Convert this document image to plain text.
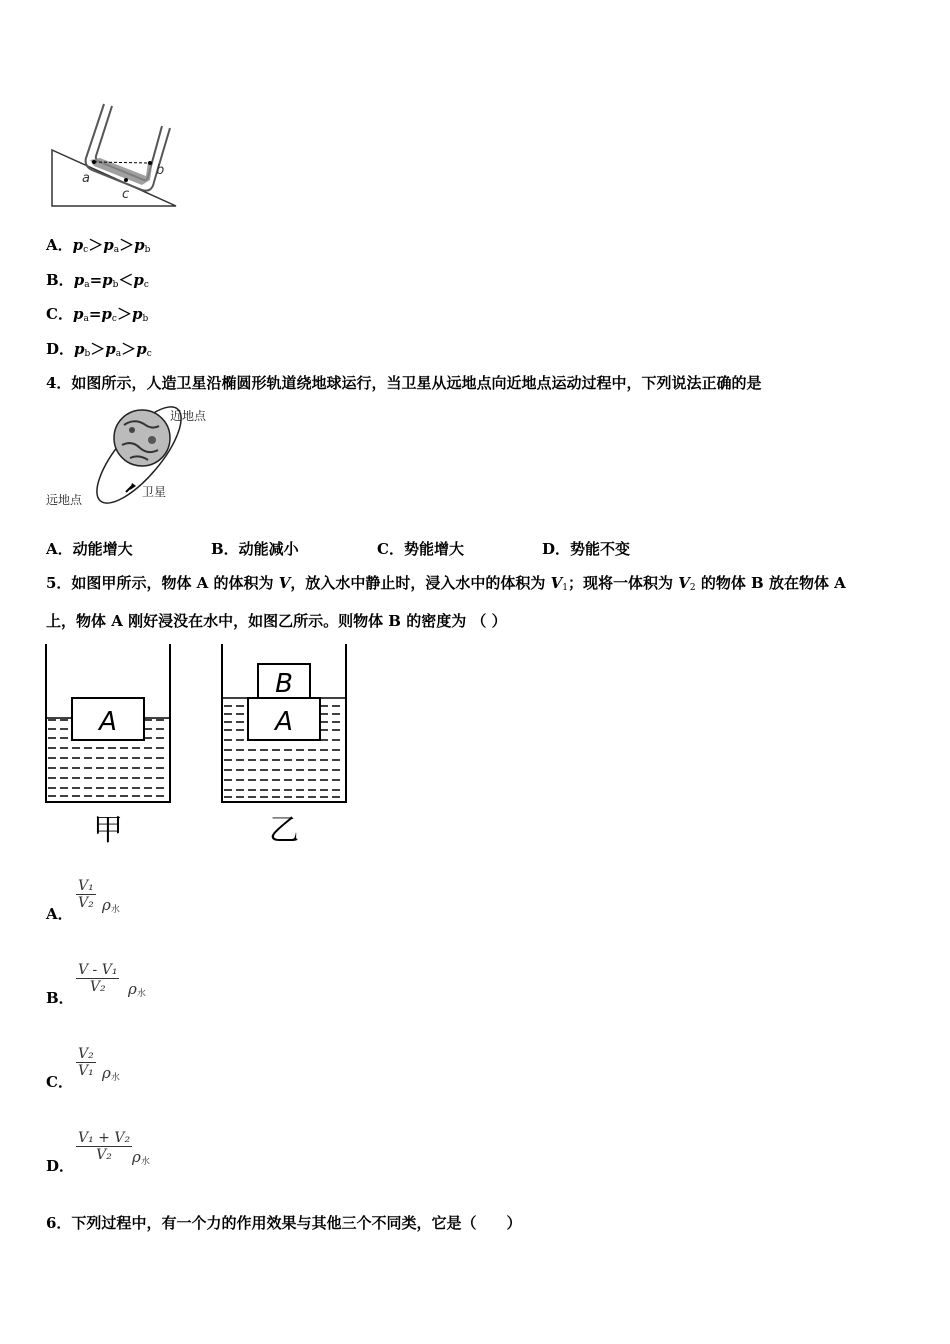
a
b
c
A．$p_c>p_a>p_b$
B．$p_a=p_b<p_c$
C．$p_a=p_c>p_b$
D．$p_b>p_a>p_c$
4．如图所示，人造卫星沿椭圆形轨道绕地球运行，当卫星从远地点向近地点运动过程中，下列说法正确的是
近地点
远地点
卫星
A．动能增大	B．动能减小	C．势能增大	D．势能不变
5．如图甲所示，物体 A 的体积为 V，放入水中静止时，浸入水中的体积为 $V_1$；现将一体积为 $V_2$ 的物体 B 放在物体 A
上，物体 A 刚好浸没在水中，如图乙所示。则物体 B 的密度为 （ ）
A
甲
B
A
乙
A．
$\frac{\text{V₁}}{\text{V₂}} \rho_水$
B．
$\frac{\text{V - V₁}}{\text{V₂}} \rho_水$
C．
$\frac{\text{V₂}}{\text{V₁}} \rho_水$
D．
$\frac{\text{V₁ + V₂}}{\text{V₂}} \rho_水$
6．下列过程中，有一个力的作用效果与其他三个不同类，它是（　　）
